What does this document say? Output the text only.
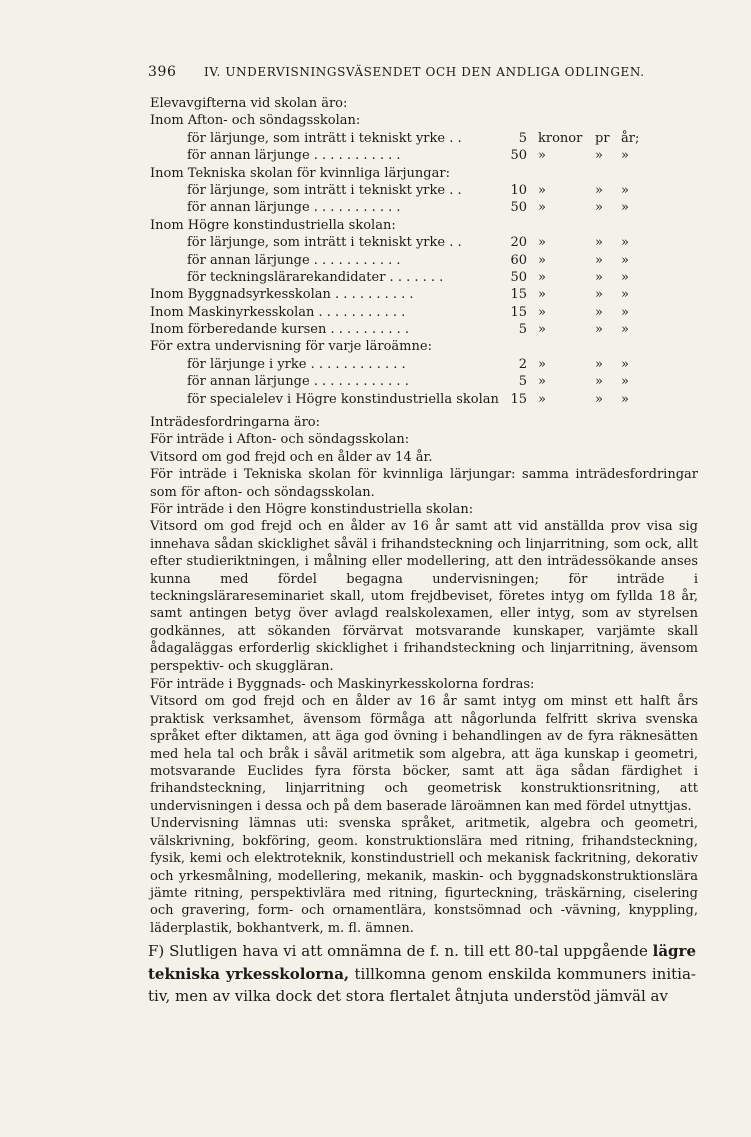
396 IV. UNDERVISNINGSVÄSENDET OCH DEN ANDLIGA ODLINGEN.
Elevavgifterna vid skolan äro:
Inom Afton- och söndagsskolan:
för lärjunge, som inträtt i tekniskt yrke . .	5 kronor pr år;
för annan lärjunge . . . . . . . . . . .	50 »	» »
Inom Tekniska skolan för kvinnliga lärjungar:
för lärjunge, som inträtt i tekniskt yrke . .	10 »	» »
för annan lärjunge . . . . . . . . . . .	50 »	» »
Inom Högre konstindustriella skolan:
för lärjunge, som inträtt i tekniskt yrke . .	20 »	» »
för annan lärjunge . . . . . . . . . . .	60 »	» »
för teckningslärarekandidater . . . . . . .	50 »	» »
Inom Byggnadsyrkesskolan . . . . . . . . . .	15 »	» »
Inom Maskinyrkesskolan . . . . . . . . . . .	15 »	» »
Inom förberedande kursen . . . . . . . . . .	5 »	» »
För extra undervisning för varje läroämne:
för lärjunge i yrke . . . . . . . . . . . .	2 »	» »
för annan lärjunge . . . . . . . . . . . .	5 »	» »
för specialelev i Högre konstindustriella skolan 15 »	» »
Inträdesfordringarna äro:
För inträde i Afton- och söndagsskolan:
Vitsord om god frejd och en ålder av 14 år.
För inträde i Tekniska skolan för kvinnliga lärjungar: samma inträdesfordringar som för afton- och söndagsskolan.
För inträde i den Högre konstindustriella skolan:
Vitsord om god frejd och en ålder av 16 år samt att vid anställda prov visa sig innehava sådan skicklighet såväl i frihandsteckning och linjarritning, som ock, allt efter studieriktningen, i målning eller modellering, att den inträdessökande anses kunna med fördel begagna undervisningen; för inträde i teckningslärareseminariet skall, utom frejdbeviset, företes intyg om fyllda 18 år, samt antingen betyg över avlagd realskolexamen, eller intyg, som av styrelsen godkännes, att sökanden förvärvat motsvarande kunskaper, varjämte skall ådagaläggas erforderlig skicklighet i frihandsteckning och linjarritning, ävensom perspektiv- och skuggläran.
För inträde i Byggnads- och Maskinyrkesskolorna fordras:
Vitsord om god frejd och en ålder av 16 år samt intyg om minst ett halft års praktisk verksamhet, ävensom förmåga att någorlunda felfritt skriva svenska språket efter diktamen, att äga god övning i behandlingen av de fyra räknesätten med hela tal och bråk i såväl aritmetik som algebra, att äga kunskap i geometri, motsvarande Euclides fyra första böcker, samt att äga sådan färdighet i frihandsteckning, linjarritning och geometrisk konstruktionsritning, att undervisningen i dessa och på dem baserade läroämnen kan med fördel utnyttjas.
Undervisning lämnas uti: svenska språket, aritmetik, algebra och geometri, välskrivning, bokföring, geom. konstruktionslära med ritning, frihandsteckning, fysik, kemi och elektroteknik, konstindustriell och mekanisk fackritning, dekorativ och yrkesmålning, modellering, mekanik, maskin- och byggnadskonstruktionslära jämte ritning, perspektivlära med ritning, figurteckning, träskärning, ciselering och gravering, form- och ornamentlära, konstsömnad och -vävning, knyppling, läderplastik, bokhantverk, m. fl. ämnen.
F) Slutligen hava vi att omnämna de f. n. till ett 80-tal uppgående lägre tekniska yrkesskolorna, tillkomna genom enskilda kommuners initiativ, men av vilka dock det stora flertalet åtnjuta understöd jämväl av
